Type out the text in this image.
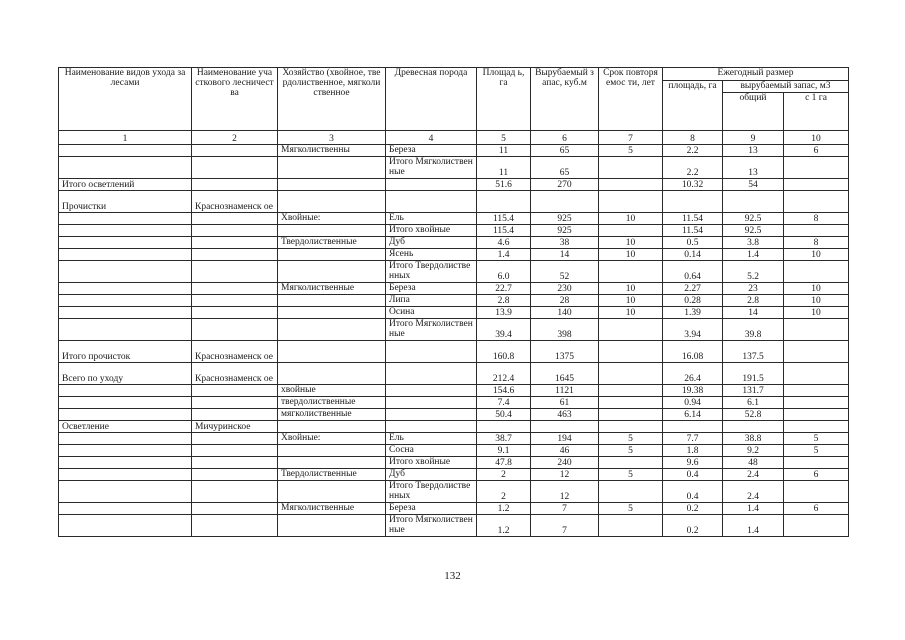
Наименование видов ухода за лесами	Наименование участкового лесничества	Хозяйство (хвойное, твердолиственное, мягколиственное	Древесная порода	Площад ь, га	Вырубаемый запас, куб.м	Срок повторяемос ти, лет	Ежегодный размер		
							площадь, га	вырубаемый запас, м3	
								общий	с 1 га
1	2	3	4	5	6	7	8	9	10
		Мягколиственны	Береза	11	65	5	2.2	13	6
			Итого Мягколиственные	11	65		2.2	13	
Итого осветлений				51.6	270		10.32	54	
Прочистки	Краснознаменск ое								
		Хвойные:	Ель	115.4	925	10	11.54	92.5	8
			Итого хвойные	115.4	925		11.54	92.5	
		Твердолиственные	Дуб	4.6	38	10	0.5	3.8	8
			Ясень	1.4	14	10	0.14	1.4	10
			Итого Твердолиственных	6.0	52		0.64	5.2	
		Мягколиственные	Береза	22.7	230	10	2.27	23	10
			Липа	2.8	28	10	0.28	2.8	10
			Осина	13.9	140	10	1.39	14	10
			Итого Мягколиственные	39.4	398		3.94	39.8	
Итого прочисток	Краснознаменск ое			160.8	1375		16.08	137.5	
Всего по уходу	Краснознаменск ое			212.4	1645		26.4	191.5	
		хвойные		154.6	1121		19.38	131.7	
		твердолиственные		7.4	61		0.94	6.1	
		мягколиственные		50.4	463		6.14	52.8	
Осветление	Мичуринское								
		Хвойные:	Ель	38.7	194	5	7.7	38.8	5
			Сосна	9.1	46	5	1.8	9.2	5
			Итого хвойные	47.8	240		9.6	48	
		Твердолиственные	Дуб	2	12	5	0.4	2.4	6
			Итого Твердолиственных	2	12		0.4	2.4	
		Мягколиственные	Береза	1.2	7	5	0.2	1.4	6
			Итого Мягколиственные	1.2	7		0.2	1.4	
132
